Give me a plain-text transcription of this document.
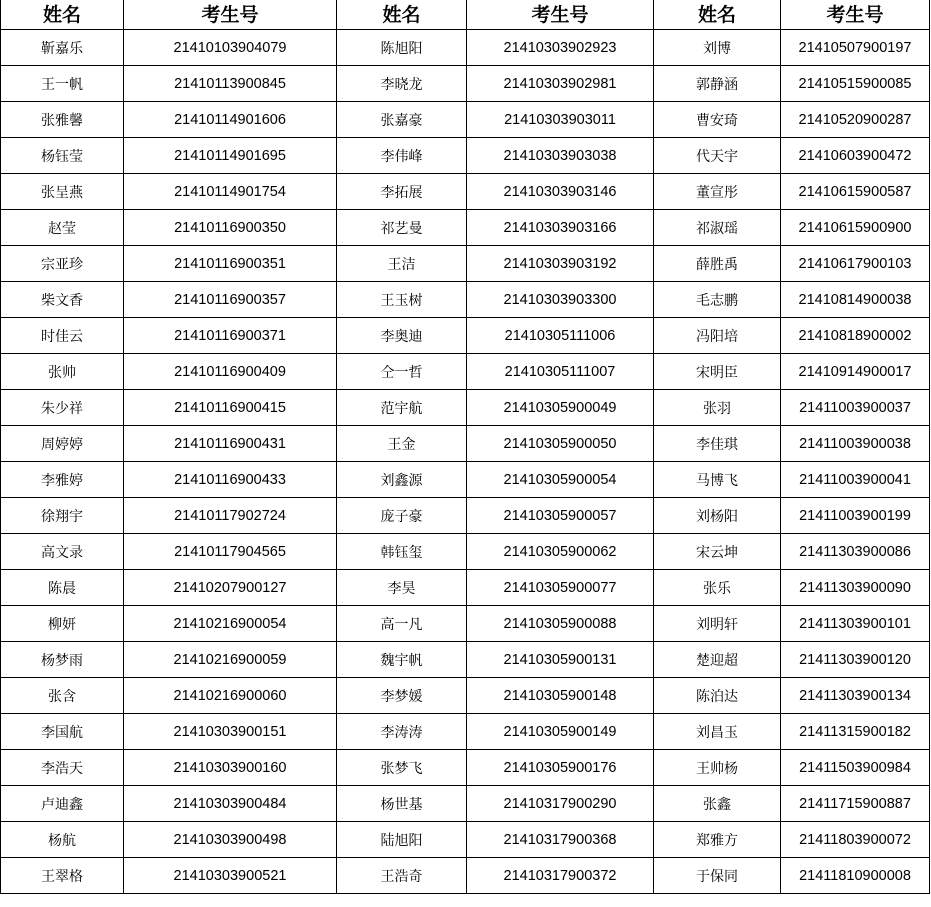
姓名	考生号	姓名	考生号	姓名	考生号
靳嘉乐	21410103904079	陈旭阳	21410303902923	刘博	21410507900197
王一帆	21410113900845	李晓龙	21410303902981	郭静涵	21410515900085
张雅馨	21410114901606	张嘉豪	21410303903011	曹安琦	21410520900287
杨钰莹	21410114901695	李伟峰	21410303903038	代天宇	21410603900472
张呈燕	21410114901754	李拓展	21410303903146	董宣彤	21410615900587
赵莹	21410116900350	祁艺曼	21410303903166	祁淑瑶	21410615900900
宗亚珍	21410116900351	王洁	21410303903192	薛胜禹	21410617900103
柴文香	21410116900357	王玉树	21410303903300	毛志鹏	21410814900038
时佳云	21410116900371	李奥迪	21410305111006	冯阳培	21410818900002
张帅	21410116900409	仝一哲	21410305111007	宋明臣	21410914900017
朱少祥	21410116900415	范宇航	21410305900049	张羽	21411003900037
周婷婷	21410116900431	王金	21410305900050	李佳琪	21411003900038
李雅婷	21410116900433	刘鑫源	21410305900054	马博飞	21411003900041
徐翔宇	21410117902724	庞子豪	21410305900057	刘杨阳	21411003900199
高文录	21410117904565	韩钰玺	21410305900062	宋云坤	21411303900086
陈晨	21410207900127	李昊	21410305900077	张乐	21411303900090
柳妍	21410216900054	高一凡	21410305900088	刘明轩	21411303900101
杨梦雨	21410216900059	魏宇帆	21410305900131	楚迎超	21411303900120
张含	21410216900060	李梦媛	21410305900148	陈泊达	21411303900134
李国航	21410303900151	李涛涛	21410305900149	刘昌玉	21411315900182
李浩天	21410303900160	张梦飞	21410305900176	王帅杨	21411503900984
卢迪鑫	21410303900484	杨世基	21410317900290	张鑫	21411715900887
杨航	21410303900498	陆旭阳	21410317900368	郑雅方	21411803900072
王翠格	21410303900521	王浩奇	21410317900372	于保同	21411810900008
